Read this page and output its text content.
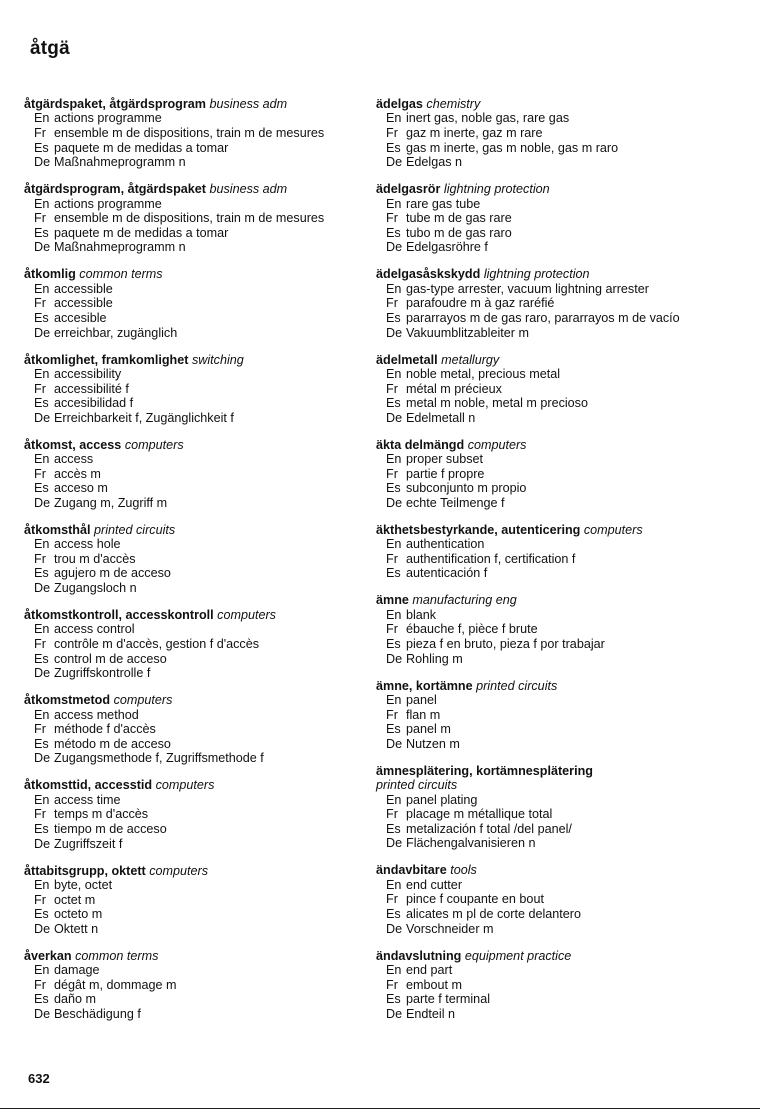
åtgä
åtgärdspaket, åtgärdsprogram business adm
En actions programme
Fr ensemble m de dispositions, train m de mesures
Es paquete m de medidas a tomar
De Maßnahmeprogramm n
åtgärdsprogram, åtgärdspaket business adm
En actions programme
Fr ensemble m de dispositions, train m de mesures
Es paquete m de medidas a tomar
De Maßnahmeprogramm n
åtkomlig common terms
En accessible
Fr accessible
Es accesible
De erreichbar, zugänglich
åtkomlighet, framkomlighet switching
En accessibility
Fr accessibilité f
Es accesibilidad f
De Erreichbarkeit f, Zugänglichkeit f
åtkomst, access computers
En access
Fr accès m
Es acceso m
De Zugang m, Zugriff m
åtkomsthål printed circuits
En access hole
Fr trou m d'accès
Es agujero m de acceso
De Zugangsloch n
åtkomstkontroll, accesskontroll computers
En access control
Fr contrôle m d'accès, gestion f d'accès
Es control m de acceso
De Zugriffskontrolle f
åtkomstmetod computers
En access method
Fr méthode f d'accès
Es método m de acceso
De Zugangsmethode f, Zugriffsmethode f
åtkomsttid, accesstid computers
En access time
Fr temps m d'accès
Es tiempo m de acceso
De Zugriffszeit f
åttabitsgrupp, oktett computers
En byte, octet
Fr octet m
Es octeto m
De Oktett n
åverkan common terms
En damage
Fr dégât m, dommage m
Es daño m
De Beschädigung f
ädelgas chemistry
En inert gas, noble gas, rare gas
Fr gaz m inerte, gaz m rare
Es gas m inerte, gas m noble, gas m raro
De Edelgas n
ädelgasrör lightning protection
En rare gas tube
Fr tube m de gas rare
Es tubo m de gas raro
De Edelgasröhre f
ädelgasåskskydd lightning protection
En gas-type arrester, vacuum lightning arrester
Fr parafoudre m à gaz raréfié
Es pararrayos m de gas raro, pararrayos m de vacío
De Vakuumblitzableiter m
ädelmetall metallurgy
En noble metal, precious metal
Fr métal m précieux
Es metal m noble, metal m precioso
De Edelmetall n
äkta delmängd computers
En proper subset
Fr partie f propre
Es subconjunto m propio
De echte Teilmenge f
äkthetsbestyrkande, autenticering computers
En authentication
Fr authentification f, certification f
Es autenticación f
ämne manufacturing eng
En blank
Fr ébauche f, pièce f brute
Es pieza f en bruto, pieza f por trabajar
De Rohling m
ämne, kortämne printed circuits
En panel
Fr flan m
Es panel m
De Nutzen m
ämnesplätering, kortämnesplätering
printed circuits
En panel plating
Fr placage m métallique total
Es metalización f total /del panel/
De Flächengalvanisieren n
ändavbitare tools
En end cutter
Fr pince f coupante en bout
Es alicates m pl de corte delantero
De Vorschneider m
ändavslutning equipment practice
En end part
Fr embout m
Es parte f terminal
De Endteil n
632
